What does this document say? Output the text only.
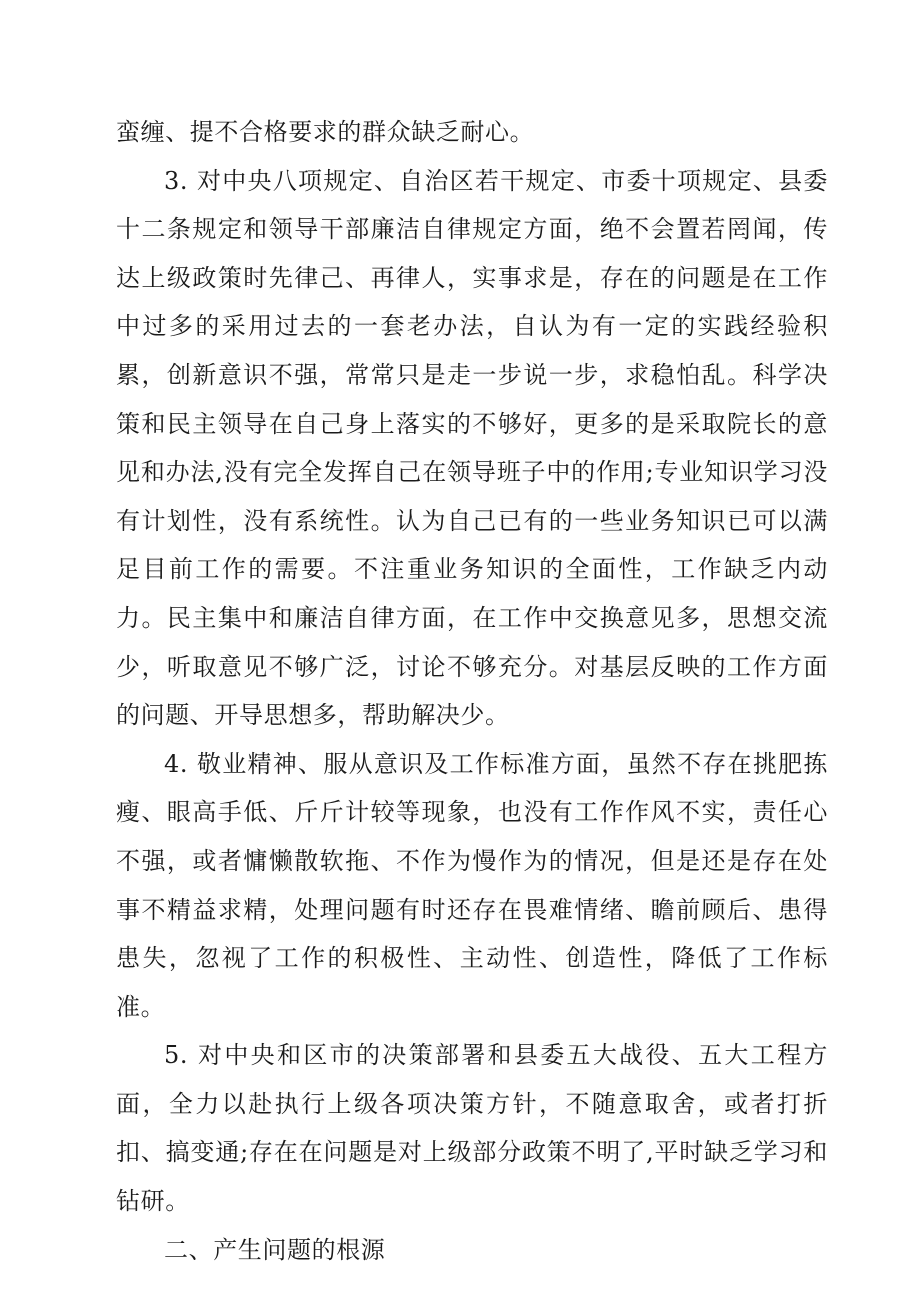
蛮缠、提不合格要求的群众缺乏耐心。

3. 对中央八项规定、自治区若干规定、市委十项规定、县委十二条规定和领导干部廉洁自律规定方面，绝不会置若罔闻，传达上级政策时先律己、再律人，实事求是，存在的问题是在工作中过多的采用过去的一套老办法，自认为有一定的实践经验积累，创新意识不强，常常只是走一步说一步，求稳怕乱。科学决策和民主领导在自己身上落实的不够好，更多的是采取院长的意见和办法,没有完全发挥自己在领导班子中的作用;专业知识学习没有计划性，没有系统性。认为自己已有的一些业务知识已可以满足目前工作的需要。不注重业务知识的全面性，工作缺乏内动力。民主集中和廉洁自律方面，在工作中交换意见多，思想交流少，听取意见不够广泛，讨论不够充分。对基层反映的工作方面的问题、开导思想多，帮助解决少。

4. 敬业精神、服从意识及工作标准方面，虽然不存在挑肥拣瘦、眼高手低、斤斤计较等现象，也没有工作作风不实，责任心不强，或者慵懒散软拖、不作为慢作为的情况，但是还是存在处事不精益求精，处理问题有时还存在畏难情绪、瞻前顾后、患得患失，忽视了工作的积极性、主动性、创造性，降低了工作标准。

5. 对中央和区市的决策部署和县委五大战役、五大工程方面，全力以赴执行上级各项决策方针，不随意取舍，或者打折扣、搞变通;存在在问题是对上级部分政策不明了,平时缺乏学习和钻研。

二、产生问题的根源
